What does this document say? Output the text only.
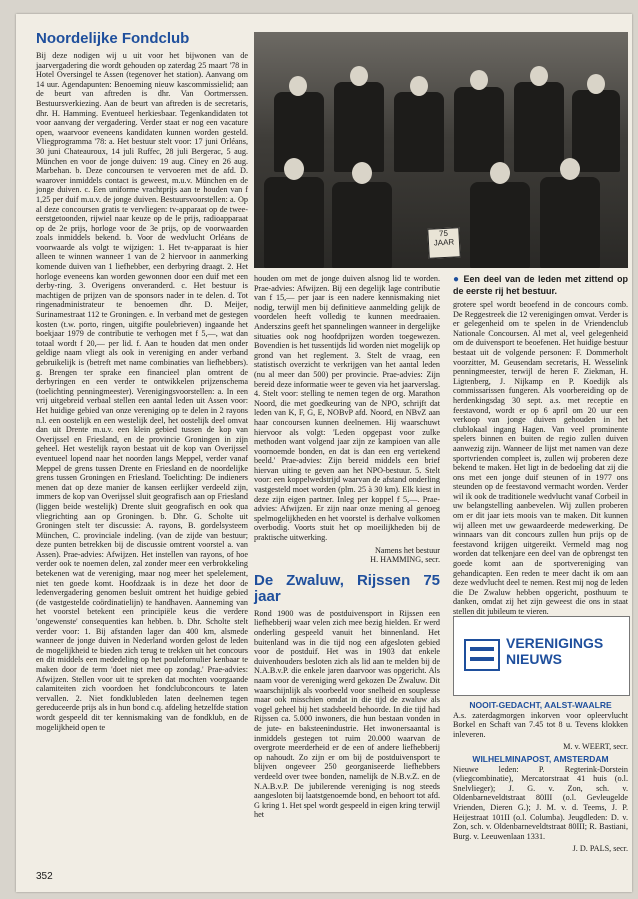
Noordelijke Fondclub

Bij deze nodigen wij u uit voor het bijwonen van de jaarvergadering die wordt gehouden op zaterdag 25 maart '78 in Hotel Oversingel te Assen (tegenover het station). Aanvang om 14 uur. Agendapunten: Benoeming nieuw kascommissielid; aan de beurt van aftreden is dhr. Van Oortmerssen. Bestuursverkiezing. Aan de beurt van aftreden is de secretaris, dhr. H. Hamming. Eventueel herkiesbaar. Tegenkandidaten tot voor aanvang der vergadering. Verder staat er nog een vacature open, waarvoor eveneens kandidaten kunnen worden gesteld. Vliegprogramma '78: a. Het bestuur stelt voor: 17 juni Orléans, 30 juni Chateauroux, 14 juli Ruffec, 28 juli Bergerac, 5 aug. München en voor de jonge duiven: 19 aug. Ciney en 26 aug. Marbehan. b. Deze concoursen te vervoeren met de afd. D. waarover inmiddels contact is geweest, m.u.v. München en de jonge duiven. c. Een uniforme vrachtprijs aan te houden van f 1,25 per duif m.u.v. de jonge duiven. Bestuursvoorstellen: a. Op al deze concoursen gratis te vervliegen: tv-apparaat op de twee-eerstgetoonden, rijwiel naar keuze op de le prijs, radioapparaat op de 2e prijs, horloge voor de 3e prijs, op de voorwaarden zoals inmiddels bekend. b. Voor de wedvlucht Orléans de voorwaarde als volgt te wijzigen: 1. Het tv-apparaat is hier alleen te winnen wanneer 1 van de 2 hiervoor in aanmerking komende duiven van 1 liefhebber, een derbyring draagt. 2. Het horloge eveneens kan worden gewonnen door een duif met een derby-ring. 3. Overigens onveranderd. c. Het bestuur is machtigen de prijzen van de sponsors nader in te delen. d. Tot ringenadministrateur te benoemen dhr. D. Meijer, Surinamestraat 112 te Groningen. e. In verband met de gestegen kosten (t.w. porto, ringen, uitgifte poulebrieven) ingaande het boekjaar 1979 de contributie te verhogen met f 5,—, wat dan totaal wordt f 20,— per lid. f. Aan te houden dat men onder geldige naam vliegt als ook in vereniging en ander verband gebruikelijk is (betreft met name combinaties van liefhebbers). g. Brengen ter sprake een financieel plan omtrent de derbyringen en een verder te ontwikkelen prijzenschema (toelichting penningmeester). Verenigingsvoorstellen: a. In een vrij uitgebreid verbaal stellen een aantal leden uit Assen voor: Het huidige gebied van onze vereniging op te delen in 2 rayons n.l. een oostelijk en een westelijk deel, het oostelijk deel omvat dan uit Drente m.u.v. een klein gebied tussen de kop van Overijssel en Friesland, en de provincie Groningen in zijn geheel. Het westelijk rayon bestaat uit de kop van Overijssel eventueel lopend naar het noorden langs Meppel, verder vanaf Meppel de grens tussen Drente en Friesland en de noordelijke grens tussen Groningen en Friesland. Toelichting: De indieners menen dat op deze manier de kansen eerlijker verdeeld zijn, immers de kop van Overijssel sluit geografisch aan op Friesland (liggen beide westelijk) Drente sluit geografisch en ook qua vliegrichting aan op Groningen. b. Dhr. G. Scholte uit Groningen stelt ter discussie: A. rayons, B. gordelsysteem München, C. provinciale indeling. (van de zijde van bestuur; deze punten betrekken bij de discussie omtrent voorstel a. van Assen). Prae-advies: Afwijzen. Het instellen van rayons, of hoe verder ook te noemen delen, zal zonder meer een verbrokkeling betekenen wat de vereniging, maar nog meer het spelelement, niet ten goede komt. Hoofdzaak is in deze het door de ledenvergadering genomen besluit omtrent het huidige gebied (de vastgestelde coördinatielijn) te handhaven. Aanneming van het voorstel betekent een principiële keus die verdere 'ongewenste' consequenties kan hebben. b. Dhr. Scholte stelt verder voor: 1. Bij afstanden lager dan 400 km, alsmede wanneer de jonge duiven in Nederland worden gelost de leden de mogelijkheid te bieden zich terug te trekken uit het concours en dit middels een mededeling op het poulefornulier kenbaar te maken door de term 'doet niet mee op zondag.' Prae-advies: Afwijzen. Stellen voor uit te spreken dat mochten voorgaande calamiteiten zich voordoen het fondclubconcours te laten vervallen. 2. Niet fondklubleden laten deelnemen tegen gereduceerde prijs als in hun bond c.q. afdeling hetzelfde station wordt gespeeld dit ter kennismaking van de fondklub, en de mogelijkheid open te

75
JAAR

houden om met de jonge duiven alsnog lid te worden. Prae-advies: Afwijzen. Bij een degelijk lage contributie van f 15,— per jaar is een nadere kennismaking niet nodig, terwijl men bij definitieve aanmelding gelijk de voordelen heeft volledig te kunnen meedraaien. Anderszins geeft het spannelingen wanneer in dergelijke situaties ook nog hoofdprijzen worden toegewezen. Bovendien is het tussentijds lid worden niet mogelijk op grond van het reglement. 3. Stelt de vraag, een statistisch overzicht te verkrijgen van het aantal leden (nu al meer dan 500) per provincie. Prae-advies: Zijn bereid deze informatie weer te geven via het jaarverslag. 4. Stelt voor: stelling te nemen tegen de org. Marathon Noord, die met goedkeuring van de NPO, schrijft dat leden van K, F, G, E, NOBvP afd. Noord, en NBvZ aan haar concoursen kunnen deelnemen. Hij waarschuwt hiervoor als volgt: 'Leden opgepast voor zulke methoden want volgend jaar zijn ze kampioen van alle voornoemde bonden, en dat is dan een erg vertekend beeld.' Prae-advies: Zijn bereid middels een brief hiervan uiting te geven aan het NPO-bestuur. 5. Stelt voor: een koppelwedstrijd waarvan de afstand onderling vastgesteld moet worden (plm. 25 à 30 km). Elk kiest in deze zijn eigen partner. Inleg per koppel f 5,—. Prae-advies: Afwijzen. Er zijn naar onze mening al genoeg spelmogelijkheden en het voorstel is derhalve volkomen overbodig. Voorts stuit het op moeilijkheden bij de praktische uitwerking.

Namens het bestuur
H. HAMMING, secr.
De Zwaluw, Rijssen 75 jaar

Rond 1900 was de postduivensport in Rijssen een liefhebberij waar velen zich mee bezig hielden. Er werd onderling gespeeld vanuit het binnenland. Het buitenland was in die tijd nog een afgesloten gebied voor de postduif. Het was in 1903 dat enkele duivenhouders besloten zich als lid aan te melden bij de N.A.B.v.P. die enkele jaren daarvoor was opgericht. Als naam voor de vereniging werd gekozen De Zwaluw. Dit waarschijnlijk als voorbeeld voor snelheid en souplesse maar ook misschien omdat in die tijd de zwaluw als vogel geheel bij het stadsbeeld behoorde. In die tijd had Rijssen ca. 5.000 inwoners, die hun bestaan vonden in de jute- en baksteenindustrie. Het inwonersaantal is inmiddels gestegen tot ruim 20.000 waarvan de overgrote meerderheid er de een of andere liefhebberij op nahoudt. Zo zijn er om bij de postduivensport te blijven ongeveer 250 georganiseerde liefhebbers verdeeld over twee bonden, namelijk de N.B.v.Z. en de N.A.B.v.P. De jubilerende vereniging is nog steeds aangesloten bij laatstgenoemde bond, en behoort tot afd. G kring 1. Het spel wordt gespeeld in eigen kring terwijl het

● Een deel van de leden met zittend op de eerste rij het bestuur.

grotere spel wordt beoefend in de concours comb. De Reggestreek die 12 verenigingen omvat. Verder is er gelegenheid om te spelen in de Vriendenclub Nationale Concoursen. Al met al, veel gelegenheid om de duivensport te beoefenen. Het huidige bestuur bestaat uit de volgende personen: F. Dommerholt voorzitter, M. Geusendam secretaris, H. Wesselink penningmeester, terwijl de heren F. Ziekman, H. Ligtenberg, J. Nijkamp en P. Koedijk als commissarissen fungeren. Als voorbereiding op de herdenkingsdag 30 sept. a.s. met receptie en feestavond, wordt er op 6 april om 20 uur een verkoop van jonge duiven gehouden in het clublokaal ingang Hagen. Van veel prominente spelers binnen en buiten de regio zullen duiven aanwezig zijn. Wanneer de lijst met namen van deze sportvrienden compleet is, zullen wij proberen deze bekend te maken. Het ligt in de bedoeling dat zij die ons met een jonge duif steunen of in 1977 ons steunden op de feestavond vermacht worden. Verder wil ik ook de traditionele wedvlucht vanaf Corbeil in uw belangstelling aanbevelen. Wij zullen proberen om er dit jaar iets moois van te maken. Dit kunnen wij alleen met uw gewaardeerde medewerking. De winnaars van dit concours zullen hun prijs op de feestavond krijgen uitgereikt. Vermeld mag nog worden dat telkenjare een deel van de opbrengst ten goede komt aan de sportvereniging van gehandicapten. Een reden te meer dacht ik om aan deze wedvlucht deel te nemen. Rest mij nog de leden die De Zwaluw hebben opgericht, posthuum te danken, omdat zij het zijn geweest die ons in staat stellen dit jubileum te vieren.

VERENIGINGS
NIEUWS
NOOIT-GEDACHT, AALST-WAALRE

A.s. zaterdagmorgen inkorven voor opleervlucht Borkel en Schaft van 7.45 tot 8 u. Tevens klokken inleveren.

M. v. WEERT, secr.
WILHELMINAPOST, AMSTERDAM

Nieuwe leden: P. Regterink-Dorstein (vliegcombinatie), Mercatorstraat 41 huis (o.l. Snelvlieger); J. G. v. Zon, sch. v. Oldenbarneveldtstraat 80III (o.l. Gevleugelde Vrienden, Dieren G.); J. M. v. d. Teems, J. P. Heijestraat 101II (o.l. Columba). Jeugdleden: D. v. Zon, sch. v. Oldenbarneveldtstraat 80III; R. Bastiani, Burg. v. Leeuwenlaan 1331.

J. D. PALS, secr.
352
